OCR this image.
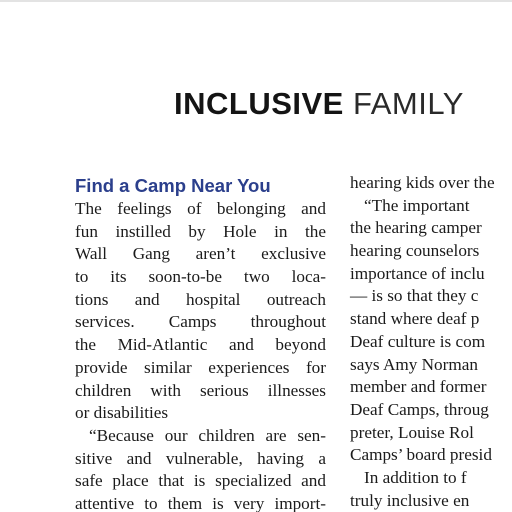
INCLUSIVE FAMILY
Find a Camp Near You
The feelings of belonging and
fun instilled by Hole in the
Wall Gang aren’t exclusive
to its soon-to-be two loca-
tions and hospital outreach
services. Camps throughout
the Mid-Atlantic and beyond
provide similar experiences for
children with serious illnesses
or disabilities
“Because our children are sen-
sitive and vulnerable, having a
safe place that is specialized and
attentive to them is very import-
hearing kids over the
“The important
the hearing camper
hearing counselors
importance of inclu
— is so that they c
stand where deaf p
Deaf culture is com
says Amy Norman
member and former
Deaf Camps, throug
preter, Louise Rol
Camps’ board presid
In addition to f
truly inclusive en
